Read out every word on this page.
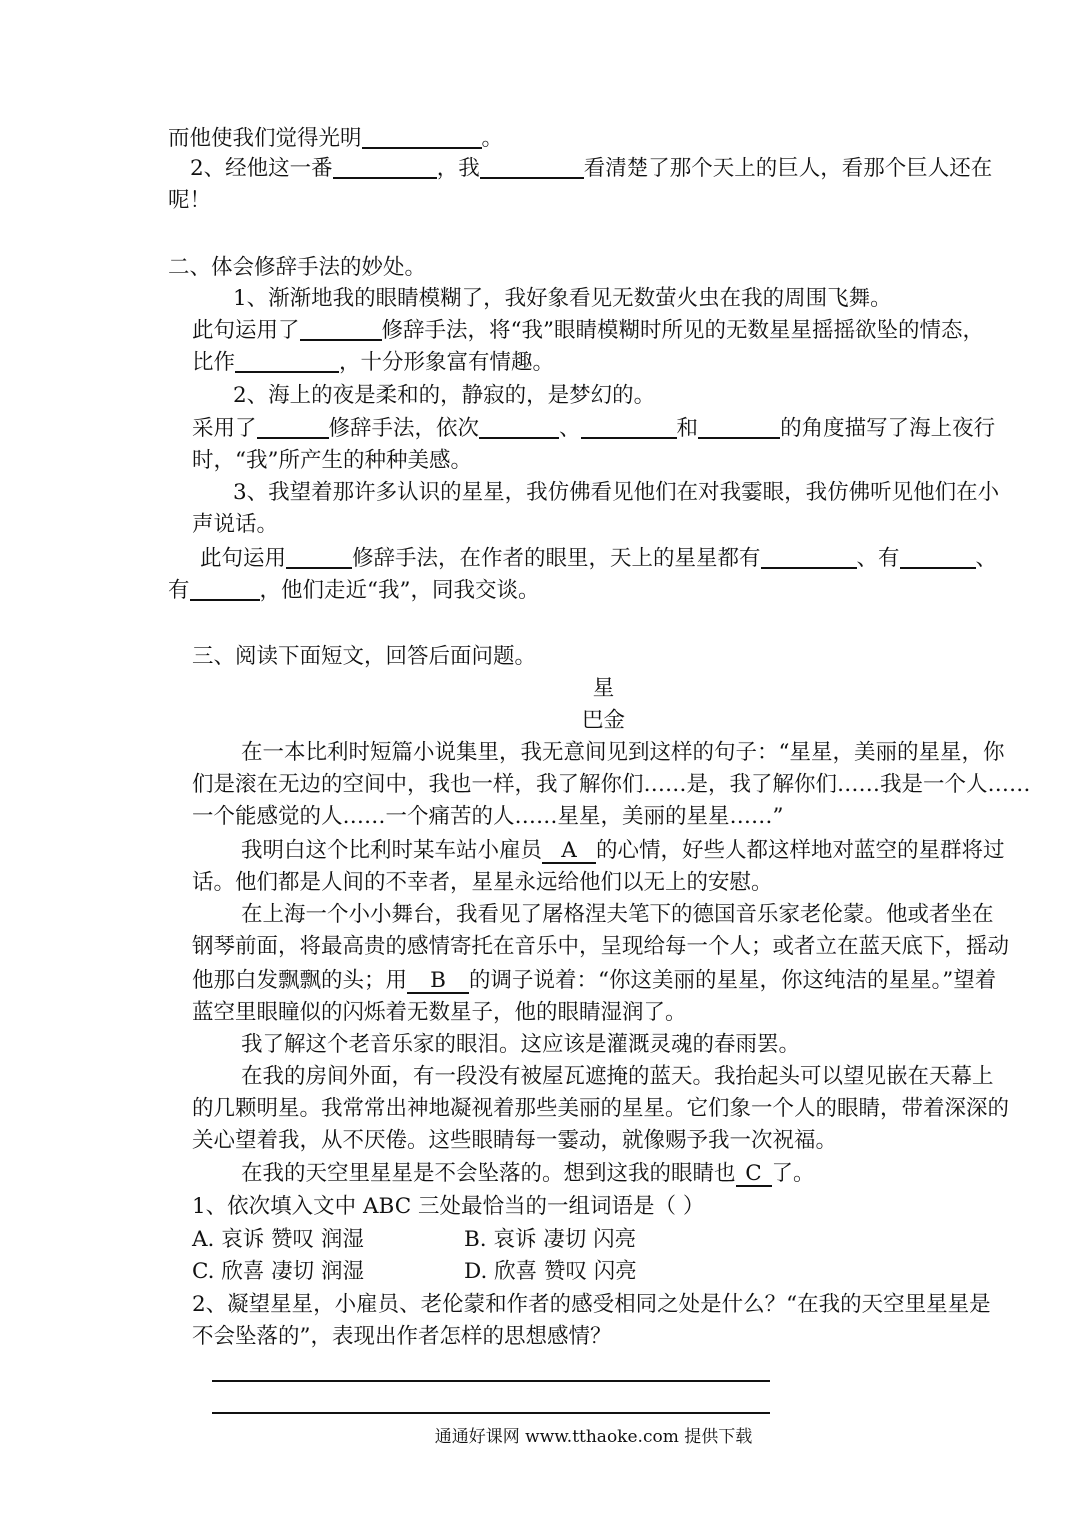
而他使我们觉得光明	。
2、经他这一番	，我	看清楚了那个天上的巨人，看那个巨人还在
呢！
二、体会修辞手法的妙处。
1、渐渐地我的眼睛模糊了，我好象看见无数萤火虫在我的周围飞舞。
此句运用了	修辞手法，将“我”眼睛模糊时所见的无数星星摇摇欲坠的情态，
比作	，十分形象富有情趣。
2、海上的夜是柔和的，静寂的，是梦幻的。
采用了	修辞手法，依次	、	和	的角度描写了海上夜行
时，“我”所产生的种种美感。
3、我望着那许多认识的星星，我仿佛看见他们在对我霎眼，我仿佛听见他们在小
声说话。
此句运用	修辞手法，在作者的眼里，天上的星星都有	、有	、
有	，他们走近“我”，同我交谈。
三、阅读下面短文，回答后面问题。
星
巴金
在一本比利时短篇小说集里，我无意间见到这样的句子：“星星，美丽的星星，你
们是滚在无边的空间中，我也一样，我了解你们……是，我了解你们……我是一个人……
一个能感觉的人……一个痛苦的人……星星，美丽的星星……”
我明白这个比利时某车站小雇员 A 的心情，好些人都这样地对蓝空的星群将过
话。他们都是人间的不幸者，星星永远给他们以无上的安慰。
在上海一个小小舞台，我看见了屠格涅夫笔下的德国音乐家老伦蒙。他或者坐在
钢琴前面，将最高贵的感情寄托在音乐中，呈现给每一个人；或者立在蓝天底下，摇动
他那白发飘飘的头；用 B 的调子说着：“你这美丽的星星，你这纯洁的星星。”望着
蓝空里眼瞳似的闪烁着无数星子，他的眼睛湿润了。
我了解这个老音乐家的眼泪。这应该是灌溉灵魂的春雨罢。
在我的房间外面，有一段没有被屋瓦遮掩的蓝天。我抬起头可以望见嵌在天幕上
的几颗明星。我常常出神地凝视着那些美丽的星星。它们象一个人的眼睛，带着深深的
关心望着我，从不厌倦。这些眼睛每一霎动，就像赐予我一次祝福。
在我的天空里星星是不会坠落的。想到这我的眼睛也 C 了。
1、依次填入文中 ABC 三处最恰当的一组词语是（ ）
A. 哀诉 赞叹 润湿	B. 哀诉 凄切 闪亮
C. 欣喜 凄切 润湿	D. 欣喜 赞叹 闪亮
2、凝望星星，小雇员、老伦蒙和作者的感受相同之处是什么？“在我的天空里星星是
不会坠落的”，表现出作者怎样的思想感情？
通通好课网 www.tthaoke.com 提供下载
